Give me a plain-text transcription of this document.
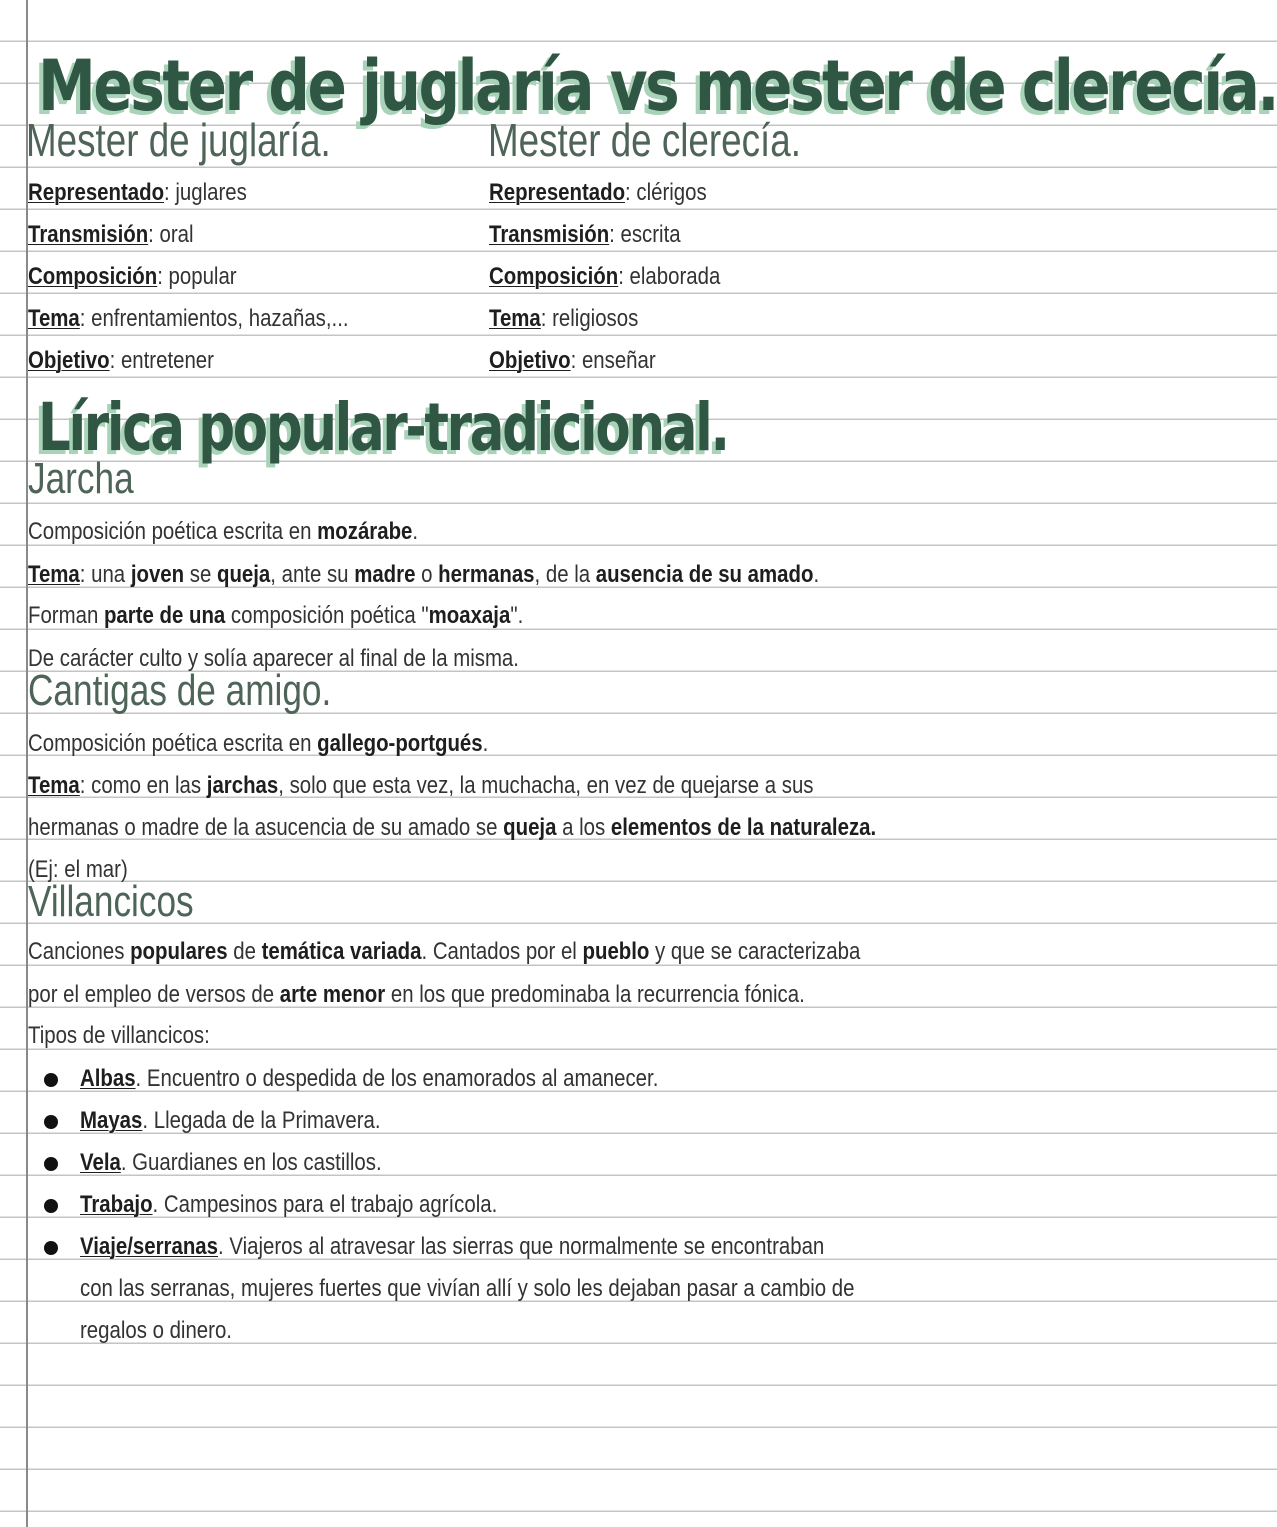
Mester de juglaría vs mester de clerecía.
Mester de juglaría.	Mester de clerecía.
Representado: juglares
Transmisión: oral
Composición: popular
Tema: enfrentamientos, hazañas,...
Objetivo: entretener
Representado: clérigos
Transmisión: escrita
Composición: elaborada
Tema: religiosos
Objetivo: enseñar
Lírica popular-tradicional.
Jarcha
Composición poética escrita en mozárabe.
Tema: una joven se queja, ante su madre o hermanas, de la ausencia de su amado.
Forman parte de una composición poética "moaxaja".
De carácter culto y solía aparecer al final de la misma.
Cantigas de amigo.
Composición poética escrita en gallego-portgués.
Tema: como en las jarchas, solo que esta vez, la muchacha, en vez de quejarse a sus
hermanas o madre de la asucencia de su amado se queja a los elementos de la naturaleza.
(Ej: el mar)
Villancicos
Canciones populares de temática variada. Cantados por el pueblo y que se caracterizaba
por el empleo de versos de arte menor en los que predominaba la recurrencia fónica.
Tipos de villancicos:
Albas. Encuentro o despedida de los enamorados al amanecer.
Mayas. Llegada de la Primavera.
Vela. Guardianes en los castillos.
Trabajo. Campesinos para el trabajo agrícola.
Viaje/serranas. Viajeros al atravesar las sierras que normalmente se encontraban
con las serranas, mujeres fuertes que vivían allí y solo les dejaban pasar a cambio de
regalos o dinero.
